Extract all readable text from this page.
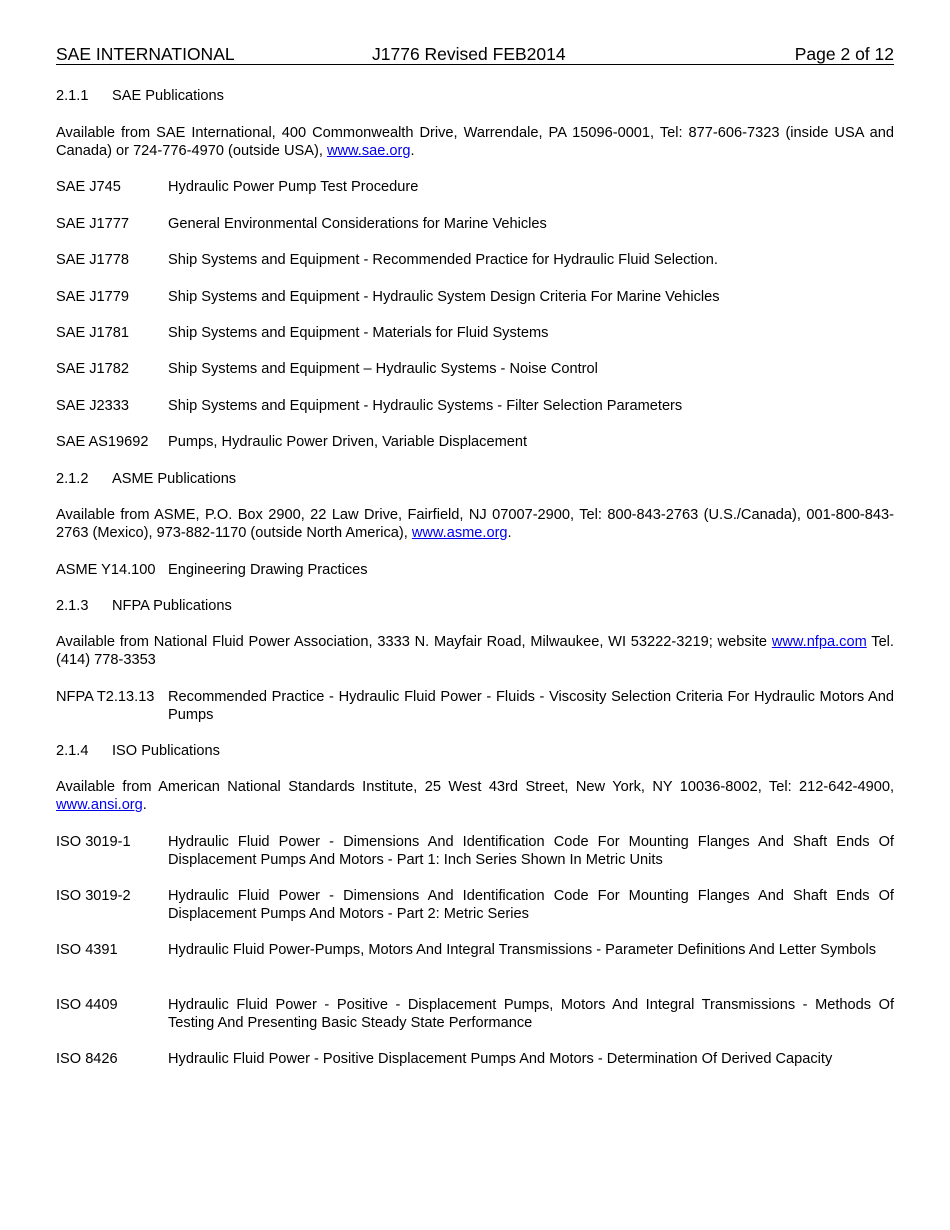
SAE INTERNATIONAL	J1776 Revised FEB2014	Page 2 of 12
2.1.1 SAE Publications
Available from SAE International, 400 Commonwealth Drive, Warrendale, PA 15096-0001, Tel: 877-606-7323 (inside USA and Canada) or 724-776-4970 (outside USA), www.sae.org.
SAE J745	Hydraulic Power Pump Test Procedure
SAE J1777	General Environmental Considerations for Marine Vehicles
SAE J1778	Ship Systems and Equipment - Recommended Practice for Hydraulic Fluid Selection.
SAE J1779	Ship Systems and Equipment - Hydraulic System Design Criteria For Marine Vehicles
SAE J1781	Ship Systems and Equipment - Materials for Fluid Systems
SAE J1782	Ship Systems and Equipment – Hydraulic Systems - Noise Control
SAE J2333	Ship Systems and Equipment - Hydraulic Systems - Filter Selection Parameters
SAE AS19692 Pumps, Hydraulic Power Driven, Variable Displacement
2.1.2 ASME Publications
Available from ASME, P.O. Box 2900, 22 Law Drive, Fairfield, NJ 07007-2900, Tel: 800-843-2763 (U.S./Canada), 001-800-843-2763 (Mexico), 973-882-1170 (outside North America), www.asme.org.
ASME Y14.100 Engineering Drawing Practices
2.1.3 NFPA Publications
Available from National Fluid Power Association, 3333 N. Mayfair Road, Milwaukee, WI 53222-3219; website www.nfpa.com Tel. (414) 778-3353
NFPA T2.13.13 Recommended Practice - Hydraulic Fluid Power - Fluids - Viscosity Selection Criteria For Hydraulic Motors And Pumps
2.1.4 ISO Publications
Available from American National Standards Institute, 25 West 43rd Street, New York, NY 10036-8002, Tel: 212-642-4900, www.ansi.org.
ISO 3019-1	Hydraulic Fluid Power - Dimensions And Identification Code For Mounting Flanges And Shaft Ends Of Displacement Pumps And Motors - Part 1: Inch Series Shown In Metric Units
ISO 3019-2	Hydraulic Fluid Power - Dimensions And Identification Code For Mounting Flanges And Shaft Ends Of Displacement Pumps And Motors - Part 2: Metric Series
ISO 4391	Hydraulic Fluid Power-Pumps, Motors And Integral Transmissions - Parameter Definitions And Letter Symbols
ISO 4409	Hydraulic Fluid Power - Positive - Displacement Pumps, Motors And Integral Transmissions - Methods Of Testing And Presenting Basic Steady State Performance
ISO 8426	Hydraulic Fluid Power - Positive Displacement Pumps And Motors - Determination Of Derived Capacity
